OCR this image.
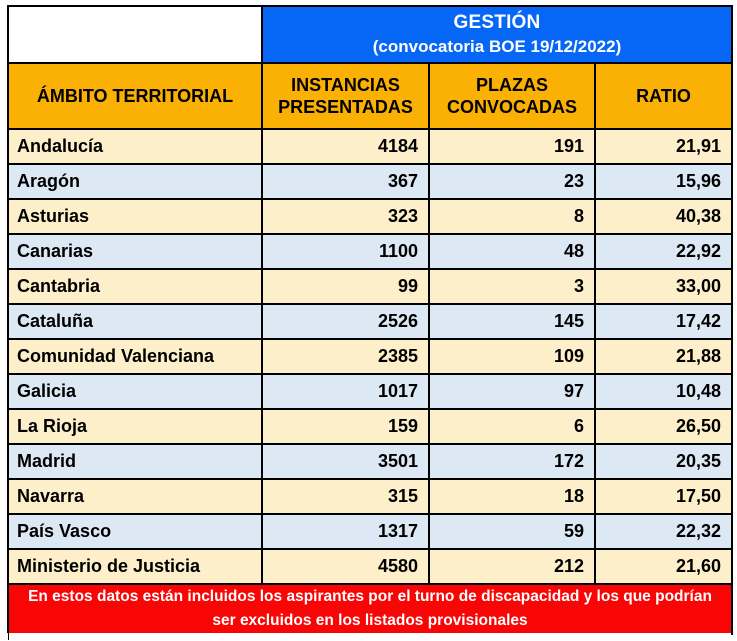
	GESTIÓN
(convocatoria BOE 19/12/2022)		

ÁMBITO TERRITORIAL	INSTANCIAS PRESENTADAS	PLAZAS CONVOCADAS	RATIO
Andalucía	4184	191	21,91
Aragón	367	23	15,96
Asturias	323	8	40,38
Canarias	1100	48	22,92
Cantabria	99	3	33,00
Cataluña	2526	145	17,42
Comunidad Valenciana	2385	109	21,88
Galicia	1017	97	10,48
La Rioja	159	6	26,50
Madrid	3501	172	20,35
Navarra	315	18	17,50
País Vasco	1317	59	22,32
Ministerio de Justicia	4580	212	21,60
En estos datos están incluidos los aspirantes por el turno de discapacidad y los que podrían ser excluidos en los listados provisionales			
